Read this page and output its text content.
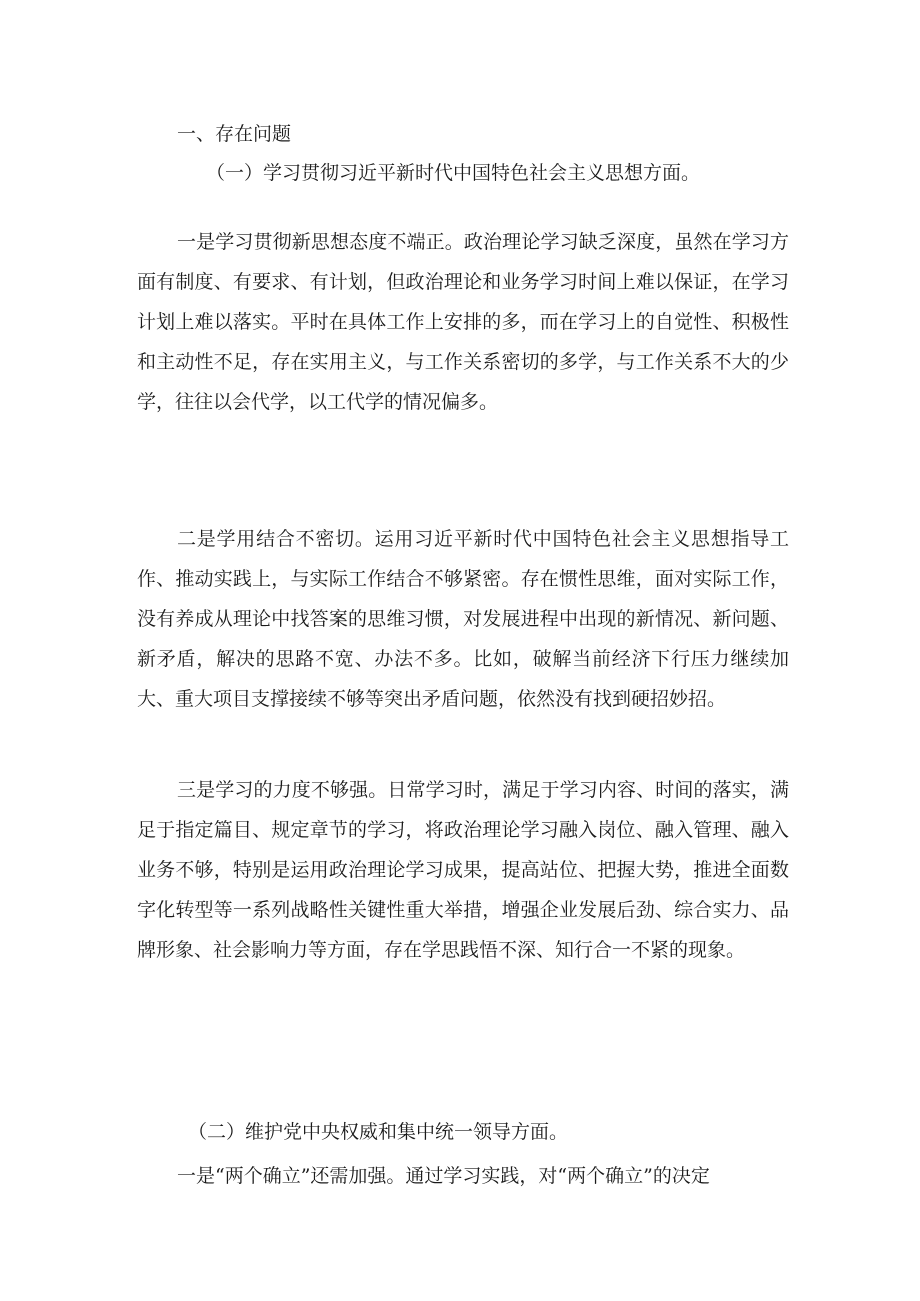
一、存在问题
（一）学习贯彻习近平新时代中国特色社会主义思想方面。

一是学习贯彻新思想态度不端正。政治理论学习缺乏深度，虽然在学习方面有制度、有要求、有计划，但政治理论和业务学习时间上难以保证，在学习计划上难以落实。平时在具体工作上安排的多，而在学习上的自觉性、积极性和主动性不足，存在实用主义，与工作关系密切的多学，与工作关系不大的少学，往往以会代学，以工代学的情况偏多。

二是学用结合不密切。运用习近平新时代中国特色社会主义思想指导工作、推动实践上，与实际工作结合不够紧密。存在惯性思维，面对实际工作，没有养成从理论中找答案的思维习惯，对发展进程中出现的新情况、新问题、新矛盾，解决的思路不宽、办法不多。比如，破解当前经济下行压力继续加大、重大项目支撑接续不够等突出矛盾问题，依然没有找到硬招妙招。

三是学习的力度不够强。日常学习时，满足于学习内容、时间的落实，满足于指定篇目、规定章节的学习，将政治理论学习融入岗位、融入管理、融入业务不够，特别是运用政治理论学习成果，提高站位、把握大势，推进全面数字化转型等一系列战略性关键性重大举措，增强企业发展后劲、综合实力、品牌形象、社会影响力等方面，存在学思践悟不深、知行合一不紧的现象。

（二）维护党中央权威和集中统一领导方面。

一是“两个确立”还需加强。通过学习实践，对“两个确立”的决定
